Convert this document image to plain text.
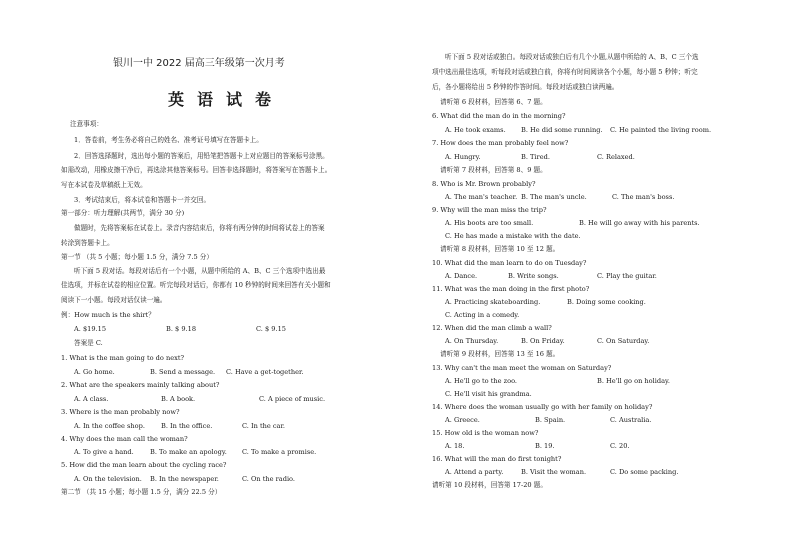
银川一中 2022 届高三年级第一次月考
英语试卷
注意事项：
1．答卷前，考生务必将自己的姓名、准考证号填写在答题卡上。
2．回答选择题时，选出每小题的答案后，用铅笔把答题卡上对应题目的答案标号涂黑。
如需改动，用橡皮擦干净后，再选涂其他答案标号。回答非选择题时，将答案写在答题卡上。
写在本试卷及草稿纸上无效。
3．考试结束后，将本试卷和答题卡一并交回。
第一部分：听力理解(共两节，满分 30 分)
做题时，先将答案标在试卷上。录音内容结束后，你将有两分钟的时间将试卷上的答案
转涂到答题卡上。
第一节 （共 5 小题；每小题 1.5 分，满分 7.5 分）
听下面 5 段对话。每段对话后有一个小题，从题中所给的 A、B、C 三个选项中选出最
佳选项，并标在试卷的相应位置。听完每段对话后，你都有 10 秒钟的时间来回答有关小题和
阅读下一小题。每段对话仅读一遍。
例：How much is the shirt？
A. $19.15	B. $ 9.18	C. $ 9.15
答案是 C.
1. What is the man going to do next?
A. Go home.	B. Send a message. C. Have a get-together.
2. What are the speakers mainly talking about?
A. A class.	B. A book.	C. A piece of music.
3. Where is the man probably now?
A. In the coffee shop. B. In the office.	C. In the car.
4. Why does the man call the woman?
A. To give a hand. B. To make an apology. C. To make a promise.
5. How did the man learn about the cycling race?
A. On the television. B. In the newspaper.	C. On the radio.
第二节 （共 15 小题；每小题 1.5 分，满分 22.5 分）
听下面 5 段对话或独白。每段对话或独白后有几个小题,从题中所给的 A、B、C 三个选
项中选出最佳选项，听每段对话或独白前，你将有时间阅读各个小题，每小题 5 秒钟；听完
后，各小题将给出 5 秒钟的作答时间。每段对话或独白读两遍。
请听第 6 段材料，回答第 6、7 题。
6. What did the man do in the morning?
A. He took exams. B. He did some running. C. He painted the living room.
7. How does the man probably feel now?
A. Hungry.	B. Tired.	C. Relaxed.
请听第 7 段材料，回答第 8、9 题。
8. Who is Mr. Brown probably?
A. The man's teacher. B. The man's uncle.	C. The man's boss.
9. Why will the man miss the trip?
A. His boots are too small.	B. He will go away with his parents.
C. He has made a mistake with the date.
请听第 8 段材料，回答第 10 至 12 题。
10. What did the man learn to do on Tuesday?
A. Dance.	B. Write songs.	C. Play the guitar.
11. What was the man doing in the first photo?
A. Practicing skateboarding.	B. Doing some cooking.
C. Acting in a comedy.
12. When did the man climb a wall?
A. On Thursday.	B. On Friday.	C. On Saturday.
请听第 9 段材料，回答第 13 至 16 题。
13. Why can't the man meet the woman on Saturday?
A. He'll go to the zoo.	B. He'll go on holiday.
C. He'll visit his grandma.
14. Where does the woman usually go with her family on holiday?
A. Greece.	B. Spain.	C. Australia.
15. How old is the woman now?
A. 18.	B. 19.	C. 20.
16. What will the man do first tonight?
A. Attend a party.	B. Visit the woman.	C. Do some packing.
请听第 10 段材料，回答第 17-20 题。
